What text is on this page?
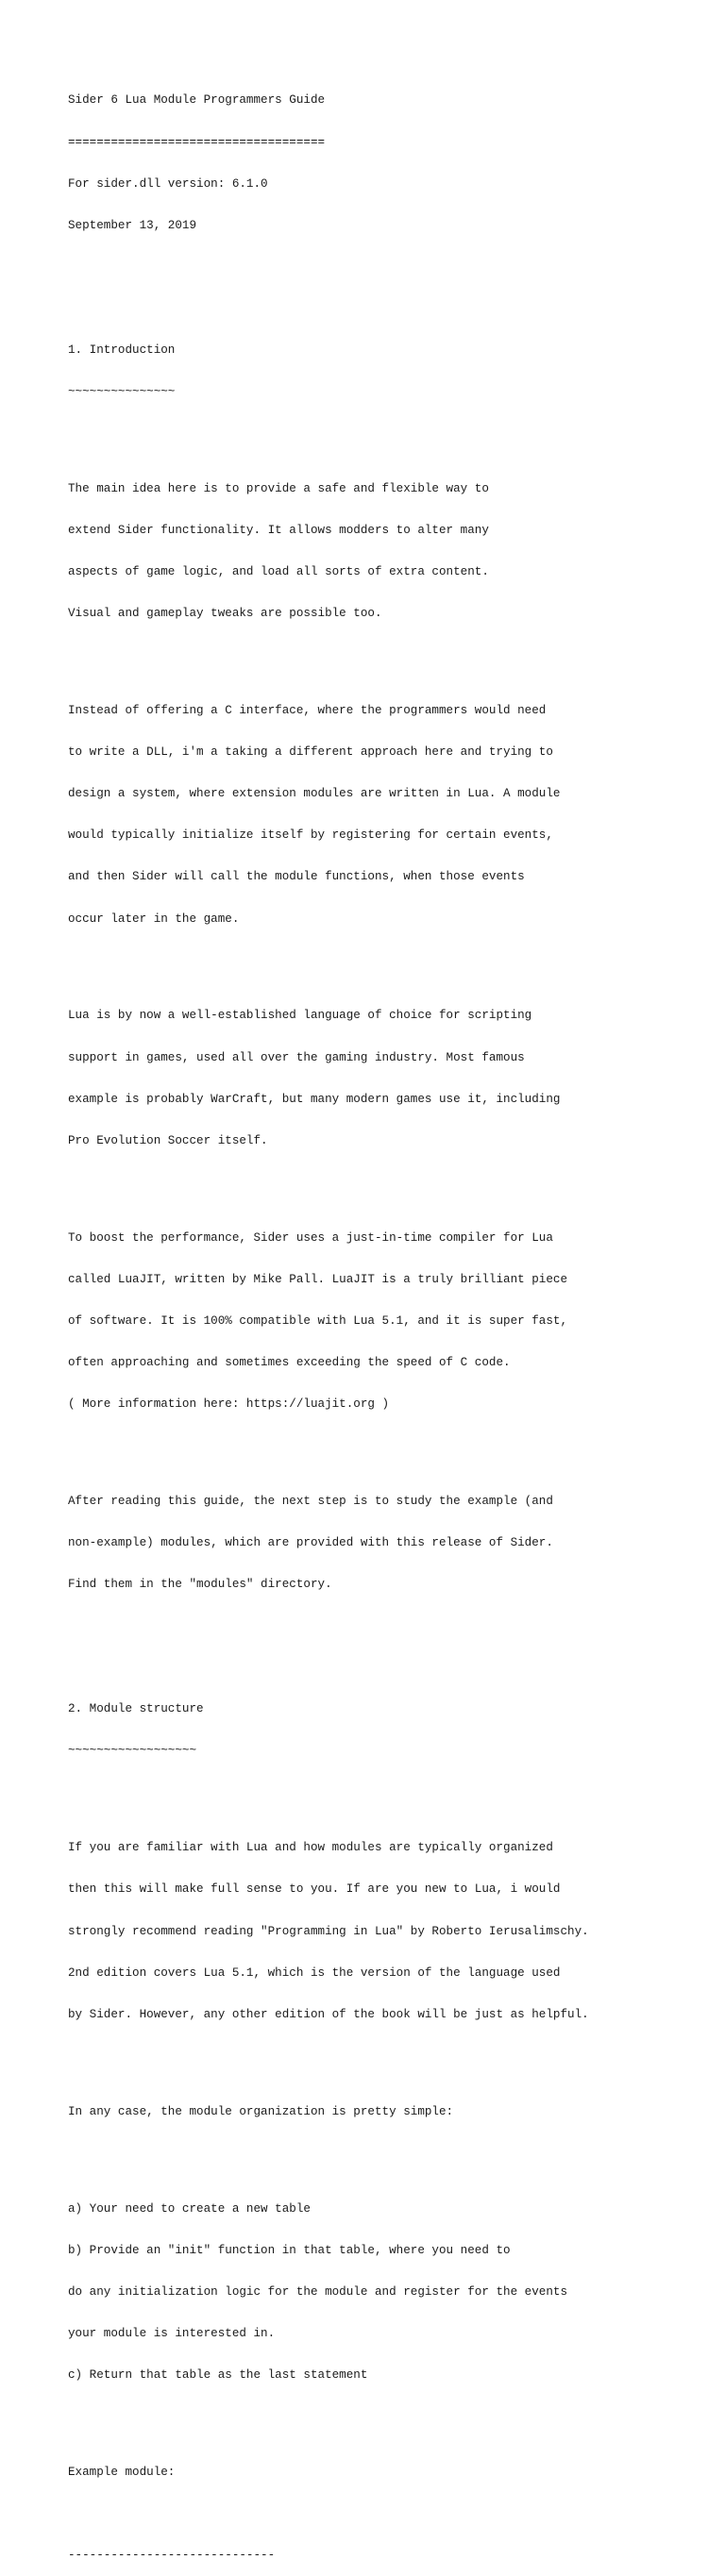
Sider 6 Lua Module Programmers Guide

====================================

For sider.dll version: 6.1.0

September 13, 2019

1. Introduction

~~~~~~~~~~~~~~~

The main idea here is to provide a safe and flexible way to

extend Sider functionality. It allows modders to alter many

aspects of game logic, and load all sorts of extra content.

Visual and gameplay tweaks are possible too.

Instead of offering a C interface, where the programmers would need

to write a DLL, i'm a taking a different approach here and trying to

design a system, where extension modules are written in Lua. A module

would typically initialize itself by registering for certain events,

and then Sider will call the module functions, when those events

occur later in the game.

Lua is by now a well-established language of choice for scripting

support in games, used all over the gaming industry. Most famous

example is probably WarCraft, but many modern games use it, including

Pro Evolution Soccer itself.

To boost the performance, Sider uses a just-in-time compiler for Lua

called LuaJIT, written by Mike Pall. LuaJIT is a truly brilliant piece

of software. It is 100% compatible with Lua 5.1, and it is super fast,

often approaching and sometimes exceeding the speed of C code.

( More information here: https://luajit.org )

After reading this guide, the next step is to study the example (and

non-example) modules, which are provided with this release of Sider.

Find them in the "modules" directory.

2. Module structure

~~~~~~~~~~~~~~~~~~

If you are familiar with Lua and how modules are typically organized

then this will make full sense to you. If are you new to Lua, i would

strongly recommend reading "Programming in Lua" by Roberto Ierusalimschy.

2nd edition covers Lua 5.1, which is the version of the language used

by Sider. However, any other edition of the book will be just as helpful.

In any case, the module organization is pretty simple:

a) Your need to create a new table

b) Provide an "init" function in that table, where you need to

do any initialization logic for the module and register for the events

your module is interested in.

c) Return that table as the last statement

Example module:

-----------------------------
